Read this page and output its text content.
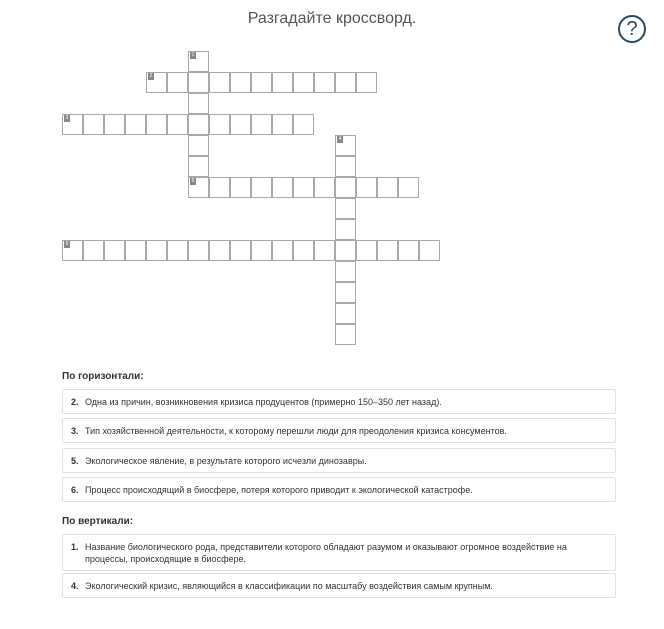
Разгадайте кроссворд.	?
1
2
3
4
5
6
По горизонтали:
2. Одна из причин, возникновения кризиса продуцентов (примерно 150–350 лет назад).
3. Тип хозяйственной деятельности, к которому перешли люди для преодоления кризиса консументов.
5. Экологическое явление, в результате которого исчезли динозавры.
6. Процесс происходящий в биосфере, потеря которого приводит к экологической катастрофе.
По вертикали:
1. Название биологического рода, представители которого обладают разумом и оказывают огромное воздействие на процессы, происходящие в биосфере.
4. Экологический кризис, являющийся в классификации по масштабу воздействия самым крупным.
